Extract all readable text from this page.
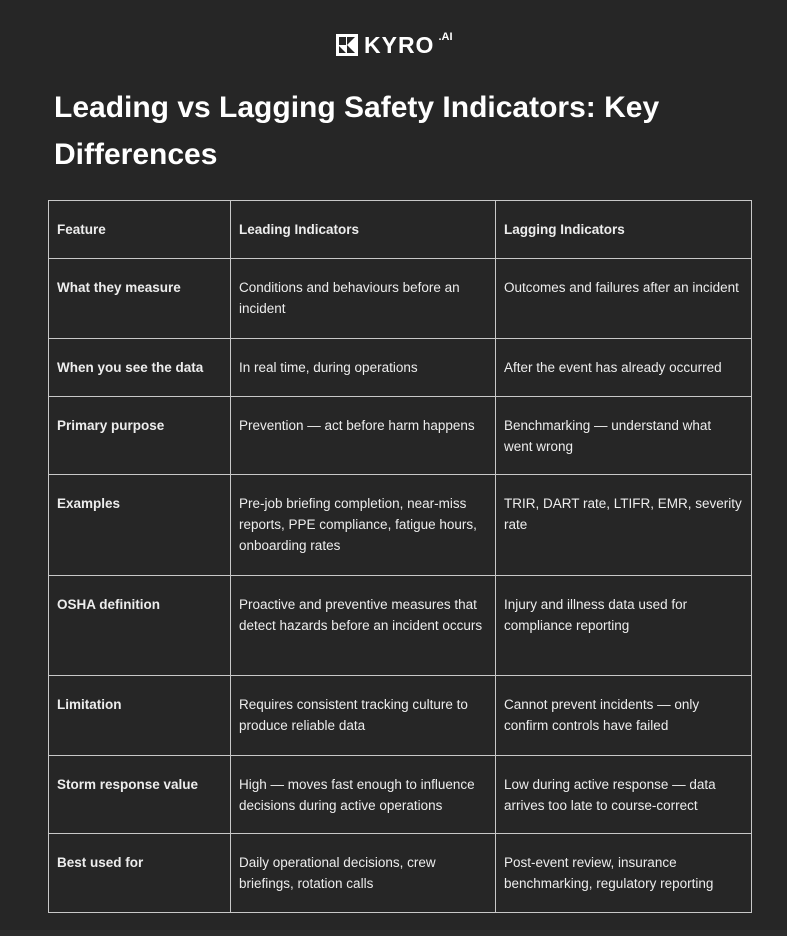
KYRO .AI
Leading vs Lagging Safety Indicators: Key Differences
Feature	Leading Indicators	Lagging Indicators
What they measure	Conditions and behaviours before an incident	Outcomes and failures after an incident
When you see the data	In real time, during operations	After the event has already occurred
Primary purpose	Prevention — act before harm happens	Benchmarking — understand what went wrong
Examples	Pre-job briefing completion, near-miss reports, PPE compliance, fatigue hours, onboarding rates	TRIR, DART rate, LTIFR, EMR, severity rate
OSHA definition	Proactive and preventive measures that detect hazards before an incident occurs	Injury and illness data used for compliance reporting
Limitation	Requires consistent tracking culture to produce reliable data	Cannot prevent incidents — only confirm controls have failed
Storm response value	High — moves fast enough to influence decisions during active operations	Low during active response — data arrives too late to course-correct
Best used for	Daily operational decisions, crew briefings, rotation calls	Post-event review, insurance benchmarking, regulatory reporting
